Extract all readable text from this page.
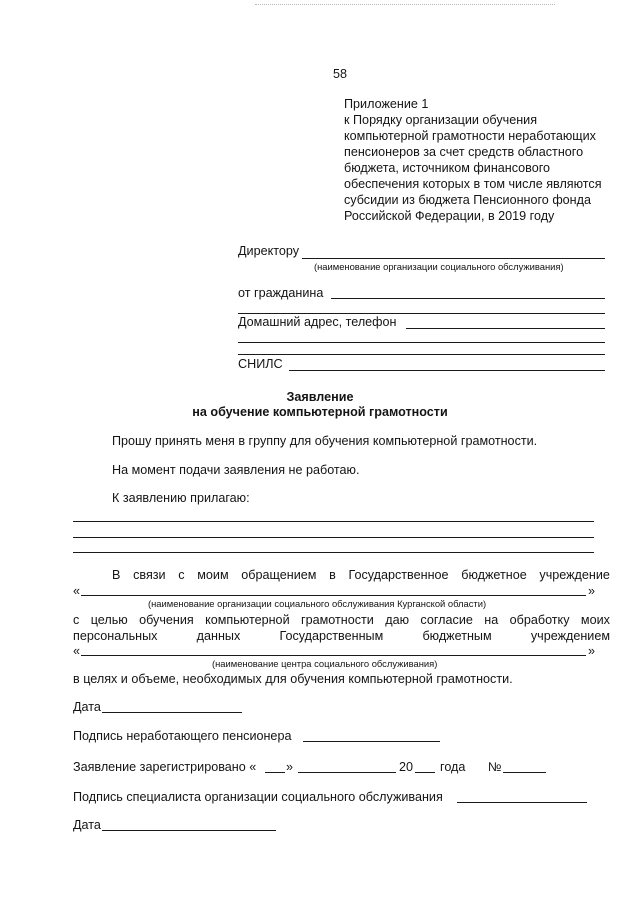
58
Приложение 1
к Порядку организации обучения
компьютерной грамотности неработающих
пенсионеров за счет средств областного
бюджета, источником финансового
обеспечения которых в том числе являются
субсидии из бюджета Пенсионного фонда
Российской Федерации, в 2019 году
Директору
(наименование организации социального обслуживания)
от гражданина
Домашний адрес, телефон
СНИЛС
Заявление
на обучение компьютерной грамотности
Прошу принять меня в группу для обучения компьютерной грамотности.
На момент подачи заявления не работаю.
К заявлению прилагаю:
В связи с моим обращением в Государственное бюджетное учреждение
«	»
(наименование организации социального обслуживания Курганской области)
с целью обучения компьютерной грамотности даю согласие на обработку моих
персональных	данных	Государственным	бюджетным	учреждением
«	»
(наименование центра социального обслуживания)
в целях и объеме, необходимых для обучения компьютерной грамотности.
Дата
Подпись неработающего пенсионера
Заявление зарегистрировано « »	20 года №
Подпись специалиста организации социального обслуживания
Дата
